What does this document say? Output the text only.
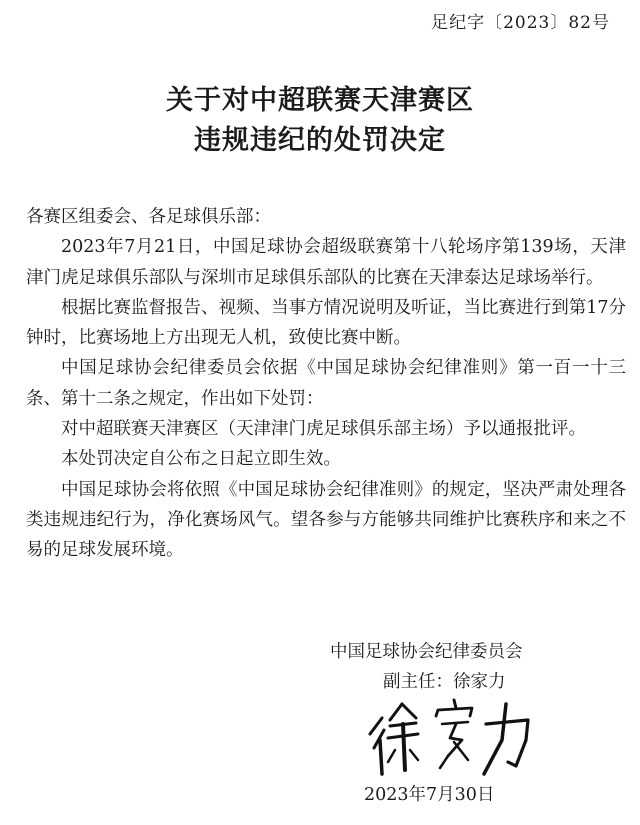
足纪字〔2023〕82号
关于对中超联赛天津赛区
违规违纪的处罚决定

各赛区组委会、各足球俱乐部：

2023年7月21日，中国足球协会超级联赛第十八轮场序第139场，天津津门虎足球俱乐部队与深圳市足球俱乐部队的比赛在天津泰达足球场举行。

根据比赛监督报告、视频、当事方情况说明及听证，当比赛进行到第17分钟时，比赛场地上方出现无人机，致使比赛中断。

中国足球协会纪律委员会依据《中国足球协会纪律准则》第一百一十三条、第十二条之规定，作出如下处罚：

对中超联赛天津赛区（天津津门虎足球俱乐部主场）予以通报批评。

本处罚决定自公布之日起立即生效。

中国足球协会将依照《中国足球协会纪律准则》的规定，坚决严肃处理各类违规违纪行为，净化赛场风气。望各参与方能够共同维护比赛秩序和来之不易的足球发展环境。

中国足球协会纪律委员会
副主任：徐家力
2023年7月30日
